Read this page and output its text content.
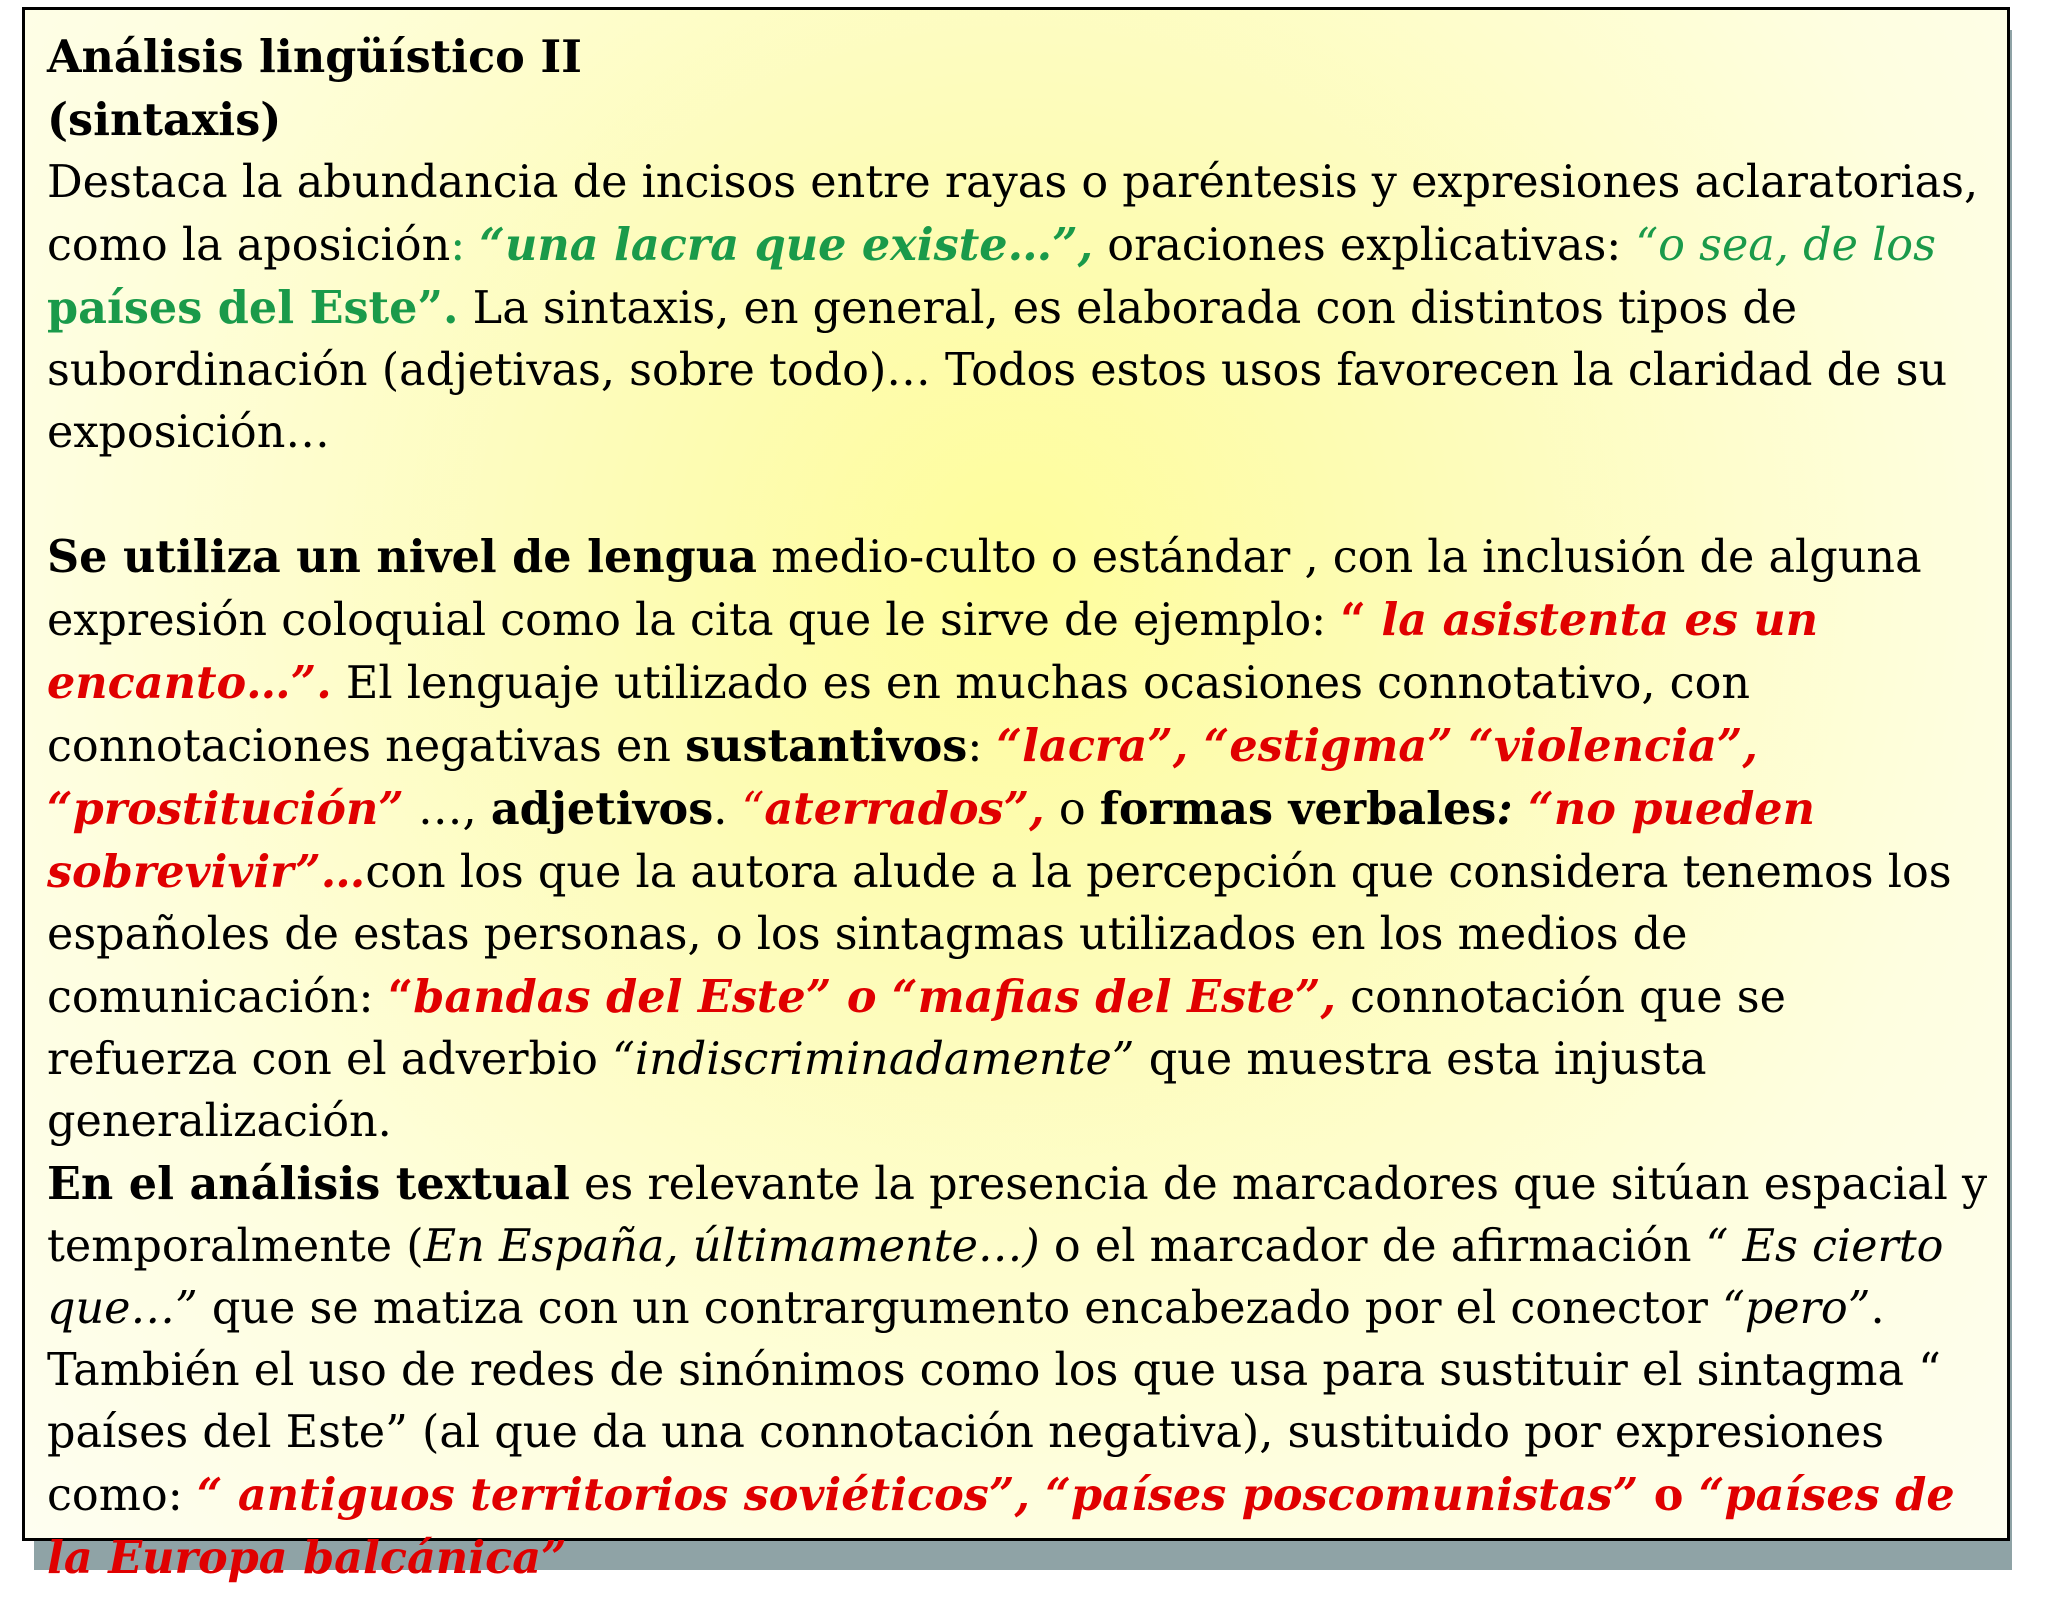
Análisis lingüístico II
(sintaxis)

Destaca la abundancia de incisos entre rayas o paréntesis y expresiones aclaratorias, como la aposición: “una lacra que existe…”, oraciones explicativas: “o sea, de los países del Este”. La sintaxis, en general, es elaborada con distintos tipos de subordinación (adjetivas, sobre todo)… Todos estos usos favorecen la claridad de su exposición…

Se utiliza un nivel de lengua medio-culto o estándar , con la inclusión de alguna expresión coloquial como la cita que le sirve de ejemplo: “ la asistenta es un encanto…”. El lenguaje utilizado es en muchas ocasiones connotativo, con connotaciones negativas en sustantivos: “lacra”, “estigma” “violencia”, “prostitución” …, adjetivos. “aterrados”, o formas verbales: “no pueden sobrevivir”…con los que la autora alude a la percepción que considera tenemos los españoles de estas personas, o los sintagmas utilizados en los medios de comunicación: “bandas del Este” o “mafias del Este”, connotación que se refuerza con el adverbio “indiscriminadamente” que muestra esta injusta generalización.

En el análisis textual es relevante la presencia de marcadores que sitúan espacial y temporalmente (En España, últimamente…) o el marcador de afirmación “ Es cierto que…” que se matiza con un contrargumento encabezado por el conector “pero”. También el uso de redes de sinónimos como los que usa para sustituir el sintagma “ países del Este” (al que da una connotación negativa), sustituido por expresiones como: “ antiguos territorios soviéticos”, “países poscomunistas” o “países de la Europa balcánica”
